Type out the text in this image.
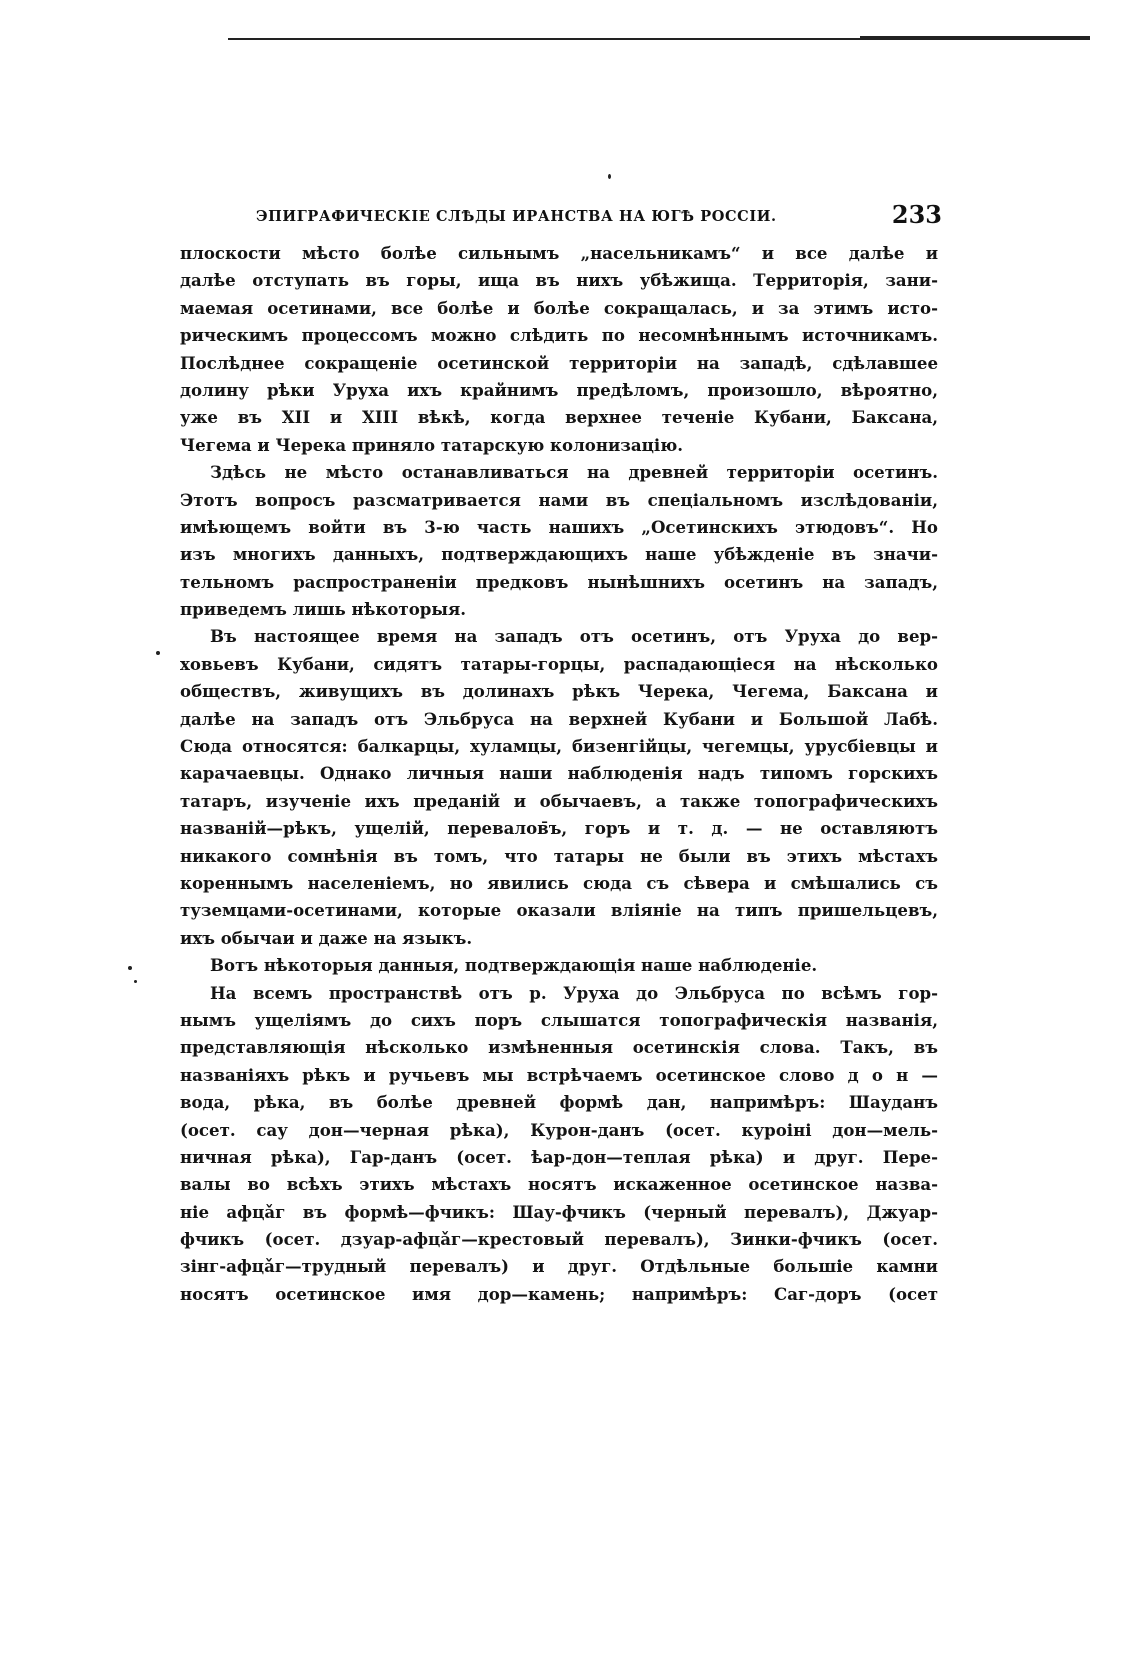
ЭПИГРАФИЧЕСКІЕ СЛѢДЫ ИРАНСТВА НА ЮГѢ РОССІИ.	233
плоскости мѣсто болѣе сильнымъ „насельникамъ“ и все далѣе и
далѣе отступать въ горы, ища въ нихъ убѣжища. Территорія, зани-
маемая осетинами, все болѣе и болѣе сокращалась, и за этимъ исто-
рическимъ процессомъ можно слѣдить по несомнѣннымъ источникамъ.
Послѣднее сокращеніе осетинской территоріи на западѣ, сдѣлавшее
долину рѣки Уруха ихъ крайнимъ предѣломъ, произошло, вѣроятно,
уже въ XII и XIII вѣкѣ, когда верхнее теченіе Кубани, Баксана,
Чегема и Черека приняло татарскую колонизацію.
Здѣсь не мѣсто останавливаться на древней территоріи осетинъ.
Этотъ вопросъ разсматривается нами въ спеціальномъ изслѣдованіи,
имѣющемъ войти въ 3-ю часть нашихъ „Осетинскихъ этюдовъ“. Но
изъ многихъ данныхъ, подтверждающихъ наше убѣжденіе въ значи-
тельномъ распространеніи предковъ нынѣшнихъ осетинъ на западъ,
приведемъ лишь нѣкоторыя.
Въ настоящее время на западъ отъ осетинъ, отъ Уруха до вер-
ховьевъ Кубани, сидятъ татары-горцы, распадающіеся на нѣсколько
обществъ, живущихъ въ долинахъ рѣкъ Черека, Чегема, Баксана и
далѣе на западъ отъ Эльбруса на верхней Кубани и Большой Лабѣ.
Сюда относятся: балкарцы, хуламцы, бизенгійцы, чегемцы, урусбіевцы и
карачаевцы. Однако личныя наши наблюденія надъ типомъ горскихъ
татаръ, изученіе ихъ преданій и обычаевъ, а также топографическихъ
названій—рѣкъ, ущелій, перевалов̄ъ, горъ и т. д. — не оставляютъ
никакого сомнѣнія въ томъ, что татары не были въ этихъ мѣстахъ
кореннымъ населеніемъ, но явились сюда съ сѣвера и смѣшались съ
туземцами-осетинами, которые оказали вліяніе на типъ пришельцевъ,
ихъ обычаи и даже на языкъ.
Вотъ нѣкоторыя данныя, подтверждающія наше наблюденіе.
На всемъ пространствѣ отъ р. Уруха до Эльбруса по всѣмъ гор-
нымъ ущеліямъ до сихъ поръ слышатся топографическія названія,
представляющія нѣсколько измѣненныя осетинскія слова. Такъ, въ
названіяхъ рѣкъ и ручьевъ мы встрѣчаемъ осетинское слово д о н —
вода, рѣка, въ болѣе древней формѣ дан, напримѣръ: Шауданъ
(осет. сау дон—черная рѣка), Курон-данъ (осет. куроіні дон—мель-
ничная рѣка), Гар-данъ (осет. ѣар-дон—теплая рѣка) и друг. Пере-
валы во всѣхъ этихъ мѣстахъ носятъ искаженное осетинское назва-
ніе афцǎг въ формѣ—фчикъ: Шау-фчикъ (черный перевалъ), Джуар-
фчикъ (осет. дзуар-афцǎг—крестовый перевалъ), Зинки-фчикъ (осет.
зінг-афцǎг—трудный перевалъ) и друг. Отдѣльные большіе камни
носятъ осетинское имя дор—камень; напримѣръ: Саг-доръ (осет
